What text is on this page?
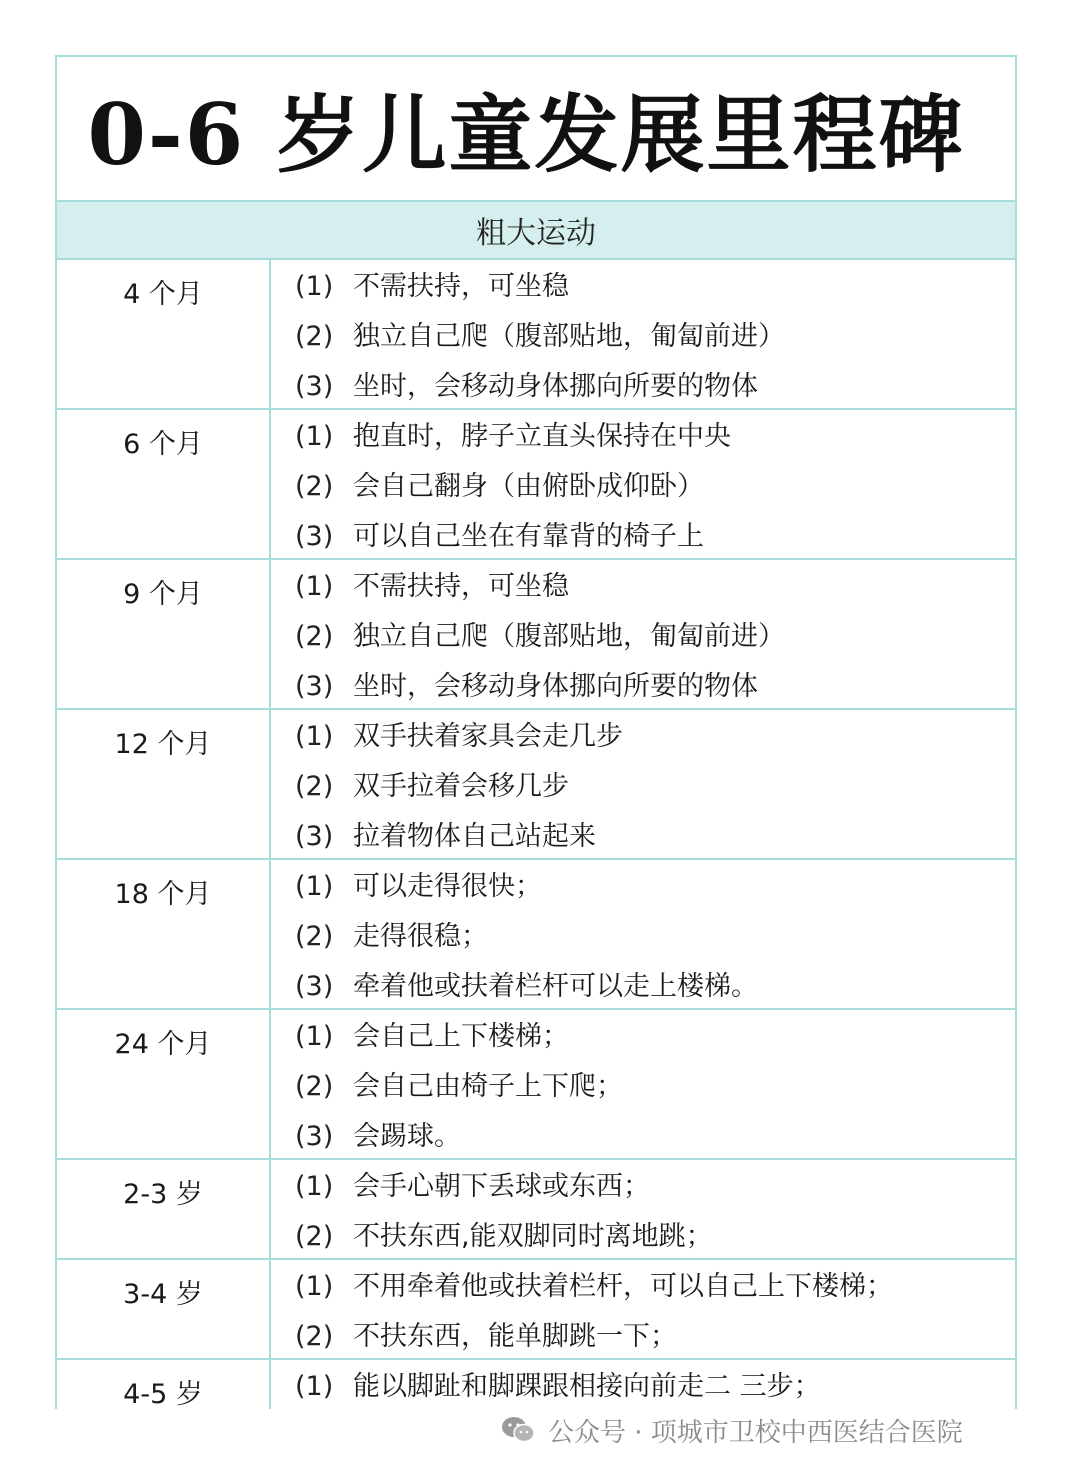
0-6 岁儿童发展里程碑
粗大运动
4 个月	(1) 不需扶持，可坐稳
(2) 独立自己爬（腹部贴地，匍匐前进）
(3) 坐时，会移动身体挪向所要的物体
6 个月	(1) 抱直时，脖子立直头保持在中央
(2) 会自己翻身（由俯卧成仰卧）
(3) 可以自己坐在有靠背的椅子上
9 个月	(1) 不需扶持，可坐稳
(2) 独立自己爬（腹部贴地，匍匐前进）
(3) 坐时，会移动身体挪向所要的物体
12 个月	(1) 双手扶着家具会走几步
(2) 双手拉着会移几步
(3) 拉着物体自己站起来
18 个月	(1) 可以走得很快；
(2) 走得很稳；
(3) 牵着他或扶着栏杆可以走上楼梯。
24 个月	(1) 会自己上下楼梯；
(2) 会自己由椅子上下爬；
(3) 会踢球。
2-3 岁	(1) 会手心朝下丢球或东西；
(2) 不扶东西,能双脚同时离地跳；
3-4 岁	(1) 不用牵着他或扶着栏杆，可以自己上下楼梯；
(2) 不扶东西，能单脚跳一下；
4-5 岁	(1) 能以脚趾和脚踝跟相接向前走二 三步；
公众号 · 项城市卫校中西医结合医院
